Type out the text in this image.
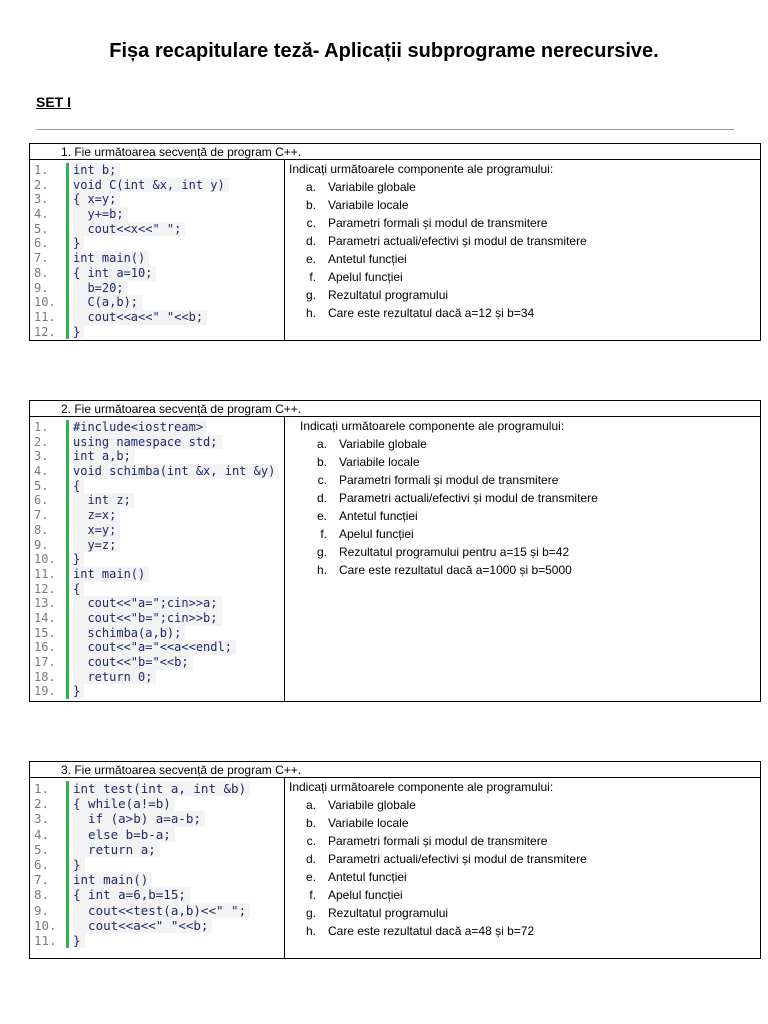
Fișa recapitulare teză- Aplicații subprograme nerecursive.
SET I
1. Fie următoarea secvență de program C++.
1.	int b;
2.	void C(int &x, int y)
3.	{ x=y;
4.	y+=b;
5.	cout<<x<<" ";
6.	}
7.	int main()
8.	{ int a=10;
9.	b=20;
10.	C(a,b);
11.	cout<<a<<" "<<b;
12.	}
Indicați următoarele componente ale programului:
a.	Variabile globale
b.	Variabile locale
c.	Parametri formali și modul de transmitere
d.	Parametri actuali/efectivi și modul de transmitere
e.	Antetul funcției
f.	Apelul funcției
g.	Rezultatul programului
h.	Care este rezultatul dacă a=12 și b=34
2. Fie următoarea secvență de program C++.
1.	#include<iostream>
2.	using namespace std;
3.	int a,b;
4.	void schimba(int &x, int &y)
5.	{
6.	int z;
7.	z=x;
8.	x=y;
9.	y=z;
10.	}
11.	int main()
12.	{
13.	cout<<"a=";cin>>a;
14.	cout<<"b=";cin>>b;
15.	schimba(a,b);
16.	cout<<"a="<<a<<endl;
17.	cout<<"b="<<b;
18.	return 0;
19.	}
Indicați următoarele componente ale programului:
a.	Variabile globale
b.	Variabile locale
c.	Parametri formali și modul de transmitere
d.	Parametri actuali/efectivi și modul de transmitere
e.	Antetul funcției
f.	Apelul funcției
g.	Rezultatul programului pentru a=15 și b=42
h.	Care este rezultatul dacă a=1000 și b=5000
3. Fie următoarea secvență de program C++.
1.	int test(int a, int &b)
2.	{ while(a!=b)
3.	if (a>b) a=a-b;
4.	else b=b-a;
5.	return a;
6.	}
7.	int main()
8.	{ int a=6,b=15;
9.	cout<<test(a,b)<<" ";
10.	cout<<a<<" "<<b;
11.	}
Indicați următoarele componente ale programului:
a.	Variabile globale
b.	Variabile locale
c.	Parametri formali și modul de transmitere
d.	Parametri actuali/efectivi și modul de transmitere
e.	Antetul funcției
f.	Apelul funcției
g.	Rezultatul programului
h.	Care este rezultatul dacă a=48 și b=72
